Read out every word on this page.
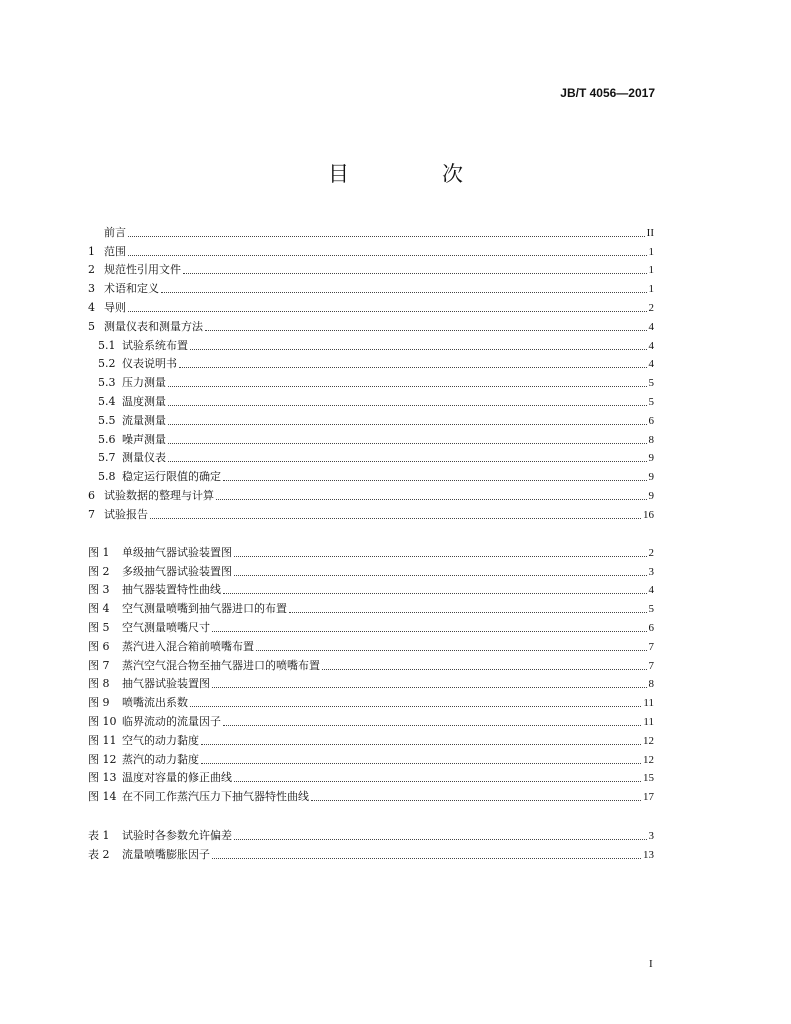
JB/T 4056—2017
目　次
前言	II
1 范围	1
2 规范性引用文件	1
3 术语和定义	1
4 导则	2
5 测量仪表和测量方法	4
5.1 试验系统布置	4
5.2 仪表说明书	4
5.3 压力测量	5
5.4 温度测量	5
5.5 流量测量	6
5.6 噪声测量	8
5.7 测量仪表	9
5.8 稳定运行限值的确定	9
6 试验数据的整理与计算	9
7 试验报告	16
图 1	单级抽气器试验装置图	2
图 2	多级抽气器试验装置图	3
图 3	抽气器装置特性曲线	4
图 4	空气测量喷嘴到抽气器进口的布置	5
图 5	空气测量喷嘴尺寸	6
图 6	蒸汽进入混合箱前喷嘴布置	7
图 7	蒸汽空气混合物至抽气器进口的喷嘴布置	7
图 8	抽气器试验装置图	8
图 9	喷嘴流出系数	11
图 10 临界流动的流量因子	11
图 11 空气的动力黏度	12
图 12 蒸汽的动力黏度	12
图 13 温度对容量的修正曲线	15
图 14 在不同工作蒸汽压力下抽气器特性曲线	17
表 1	试验时各参数允许偏差	3
表 2	流量喷嘴膨胀因子	13
I
